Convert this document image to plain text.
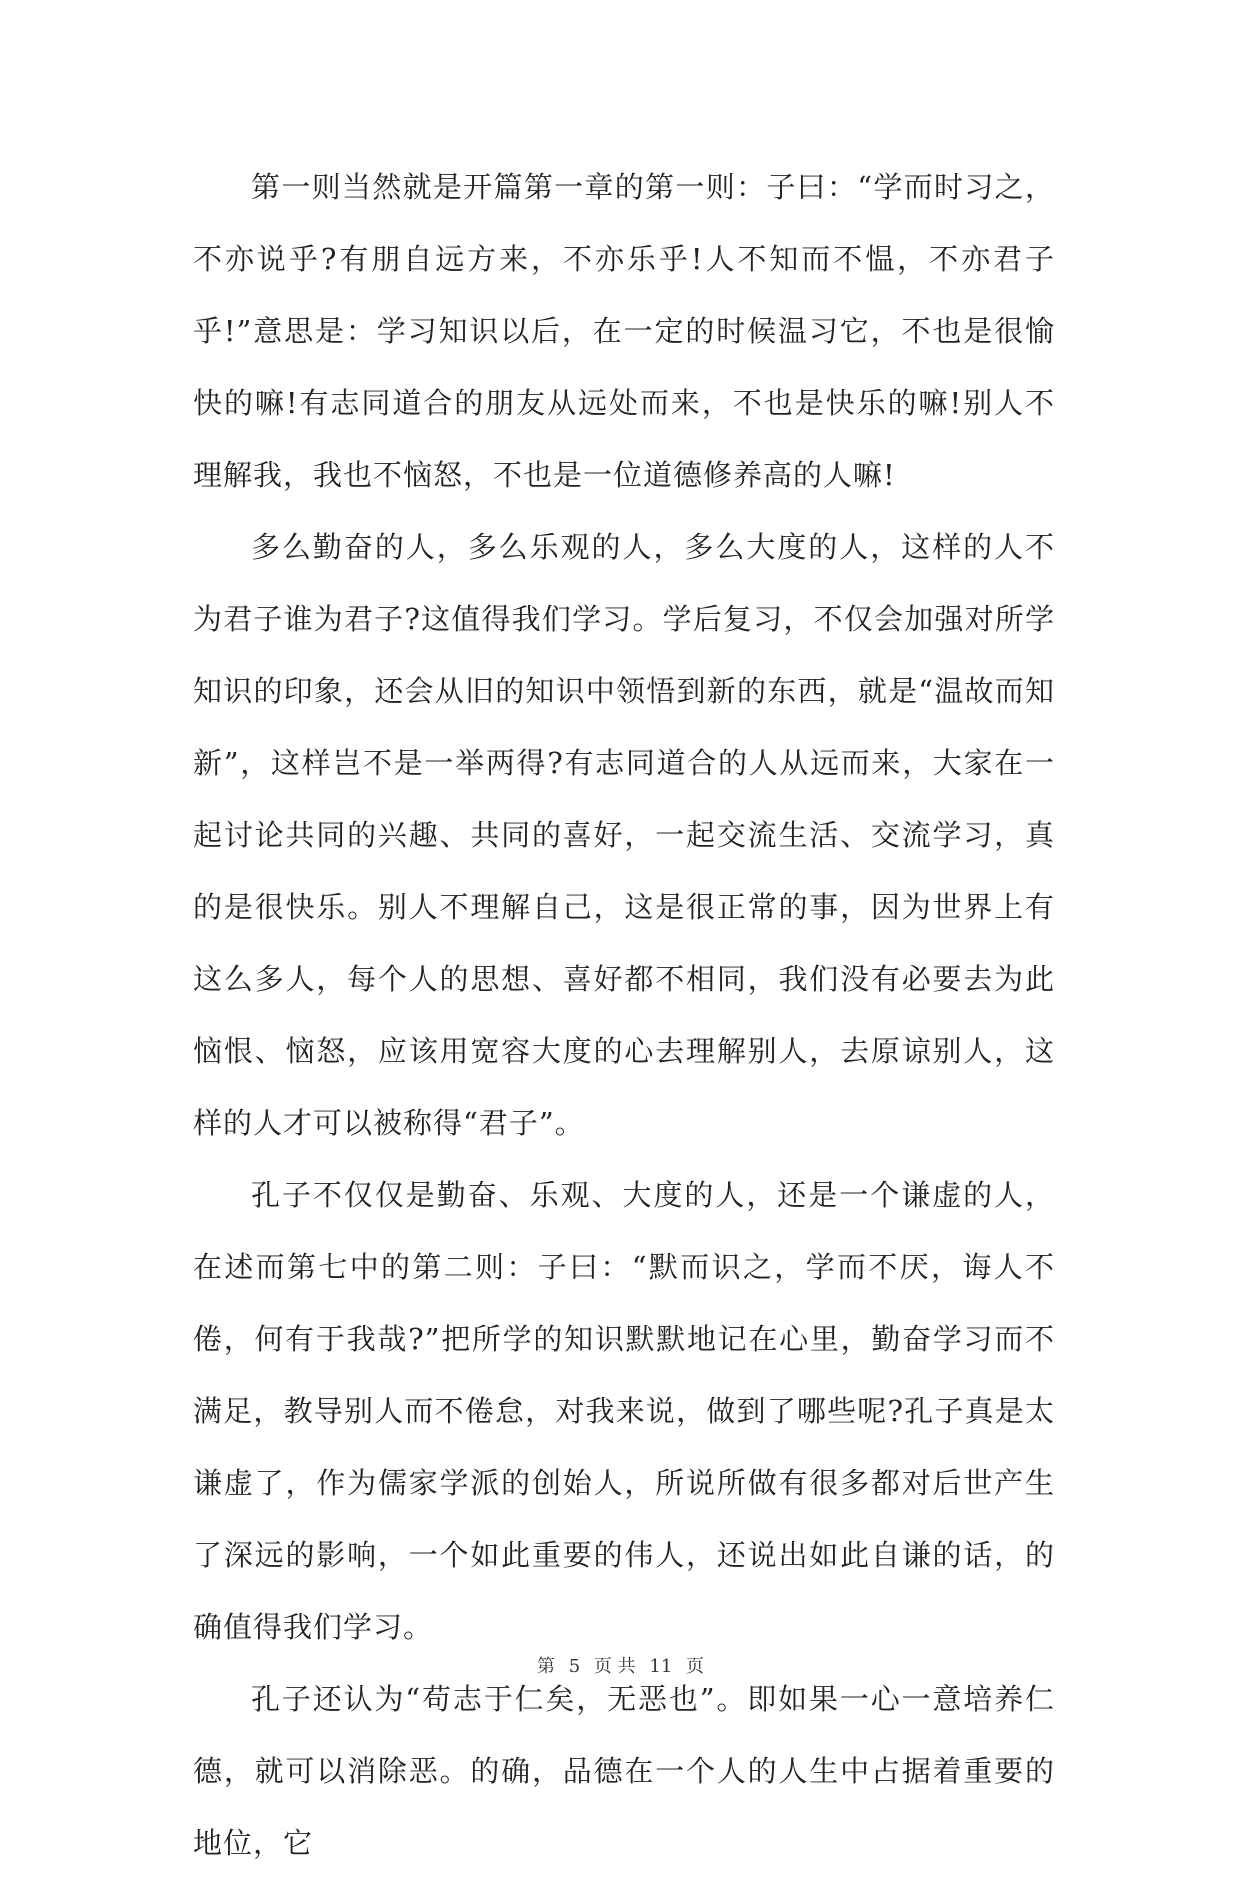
第一则当然就是开篇第一章的第一则：子曰：“学而时习之，不亦说乎?有朋自远方来，不亦乐乎!人不知而不愠，不亦君子乎!”意思是：学习知识以后，在一定的时候温习它，不也是很愉快的嘛!有志同道合的朋友从远处而来，不也是快乐的嘛!别人不理解我，我也不恼怒，不也是一位道德修养高的人嘛!

多么勤奋的人，多么乐观的人，多么大度的人，这样的人不为君子谁为君子?这值得我们学习。学后复习，不仅会加强对所学知识的印象，还会从旧的知识中领悟到新的东西，就是“温故而知新”，这样岂不是一举两得?有志同道合的人从远而来，大家在一起讨论共同的兴趣、共同的喜好，一起交流生活、交流学习，真的是很快乐。别人不理解自己，这是很正常的事，因为世界上有这么多人，每个人的思想、喜好都不相同，我们没有必要去为此恼恨、恼怒，应该用宽容大度的心去理解别人，去原谅别人，这样的人才可以被称得“君子”。

孔子不仅仅是勤奋、乐观、大度的人，还是一个谦虚的人，在述而第七中的第二则：子曰：“默而识之，学而不厌，诲人不倦，何有于我哉?”把所学的知识默默地记在心里，勤奋学习而不满足，教导别人而不倦怠，对我来说，做到了哪些呢?孔子真是太谦虚了，作为儒家学派的创始人，所说所做有很多都对后世产生了深远的影响，一个如此重要的伟人，还说出如此自谦的话，的确值得我们学习。

孔子还认为“苟志于仁矣，无恶也”。即如果一心一意培养仁德，就可以消除恶。的确，品德在一个人的人生中占据着重要的地位，它

第 5 页 共 11 页
